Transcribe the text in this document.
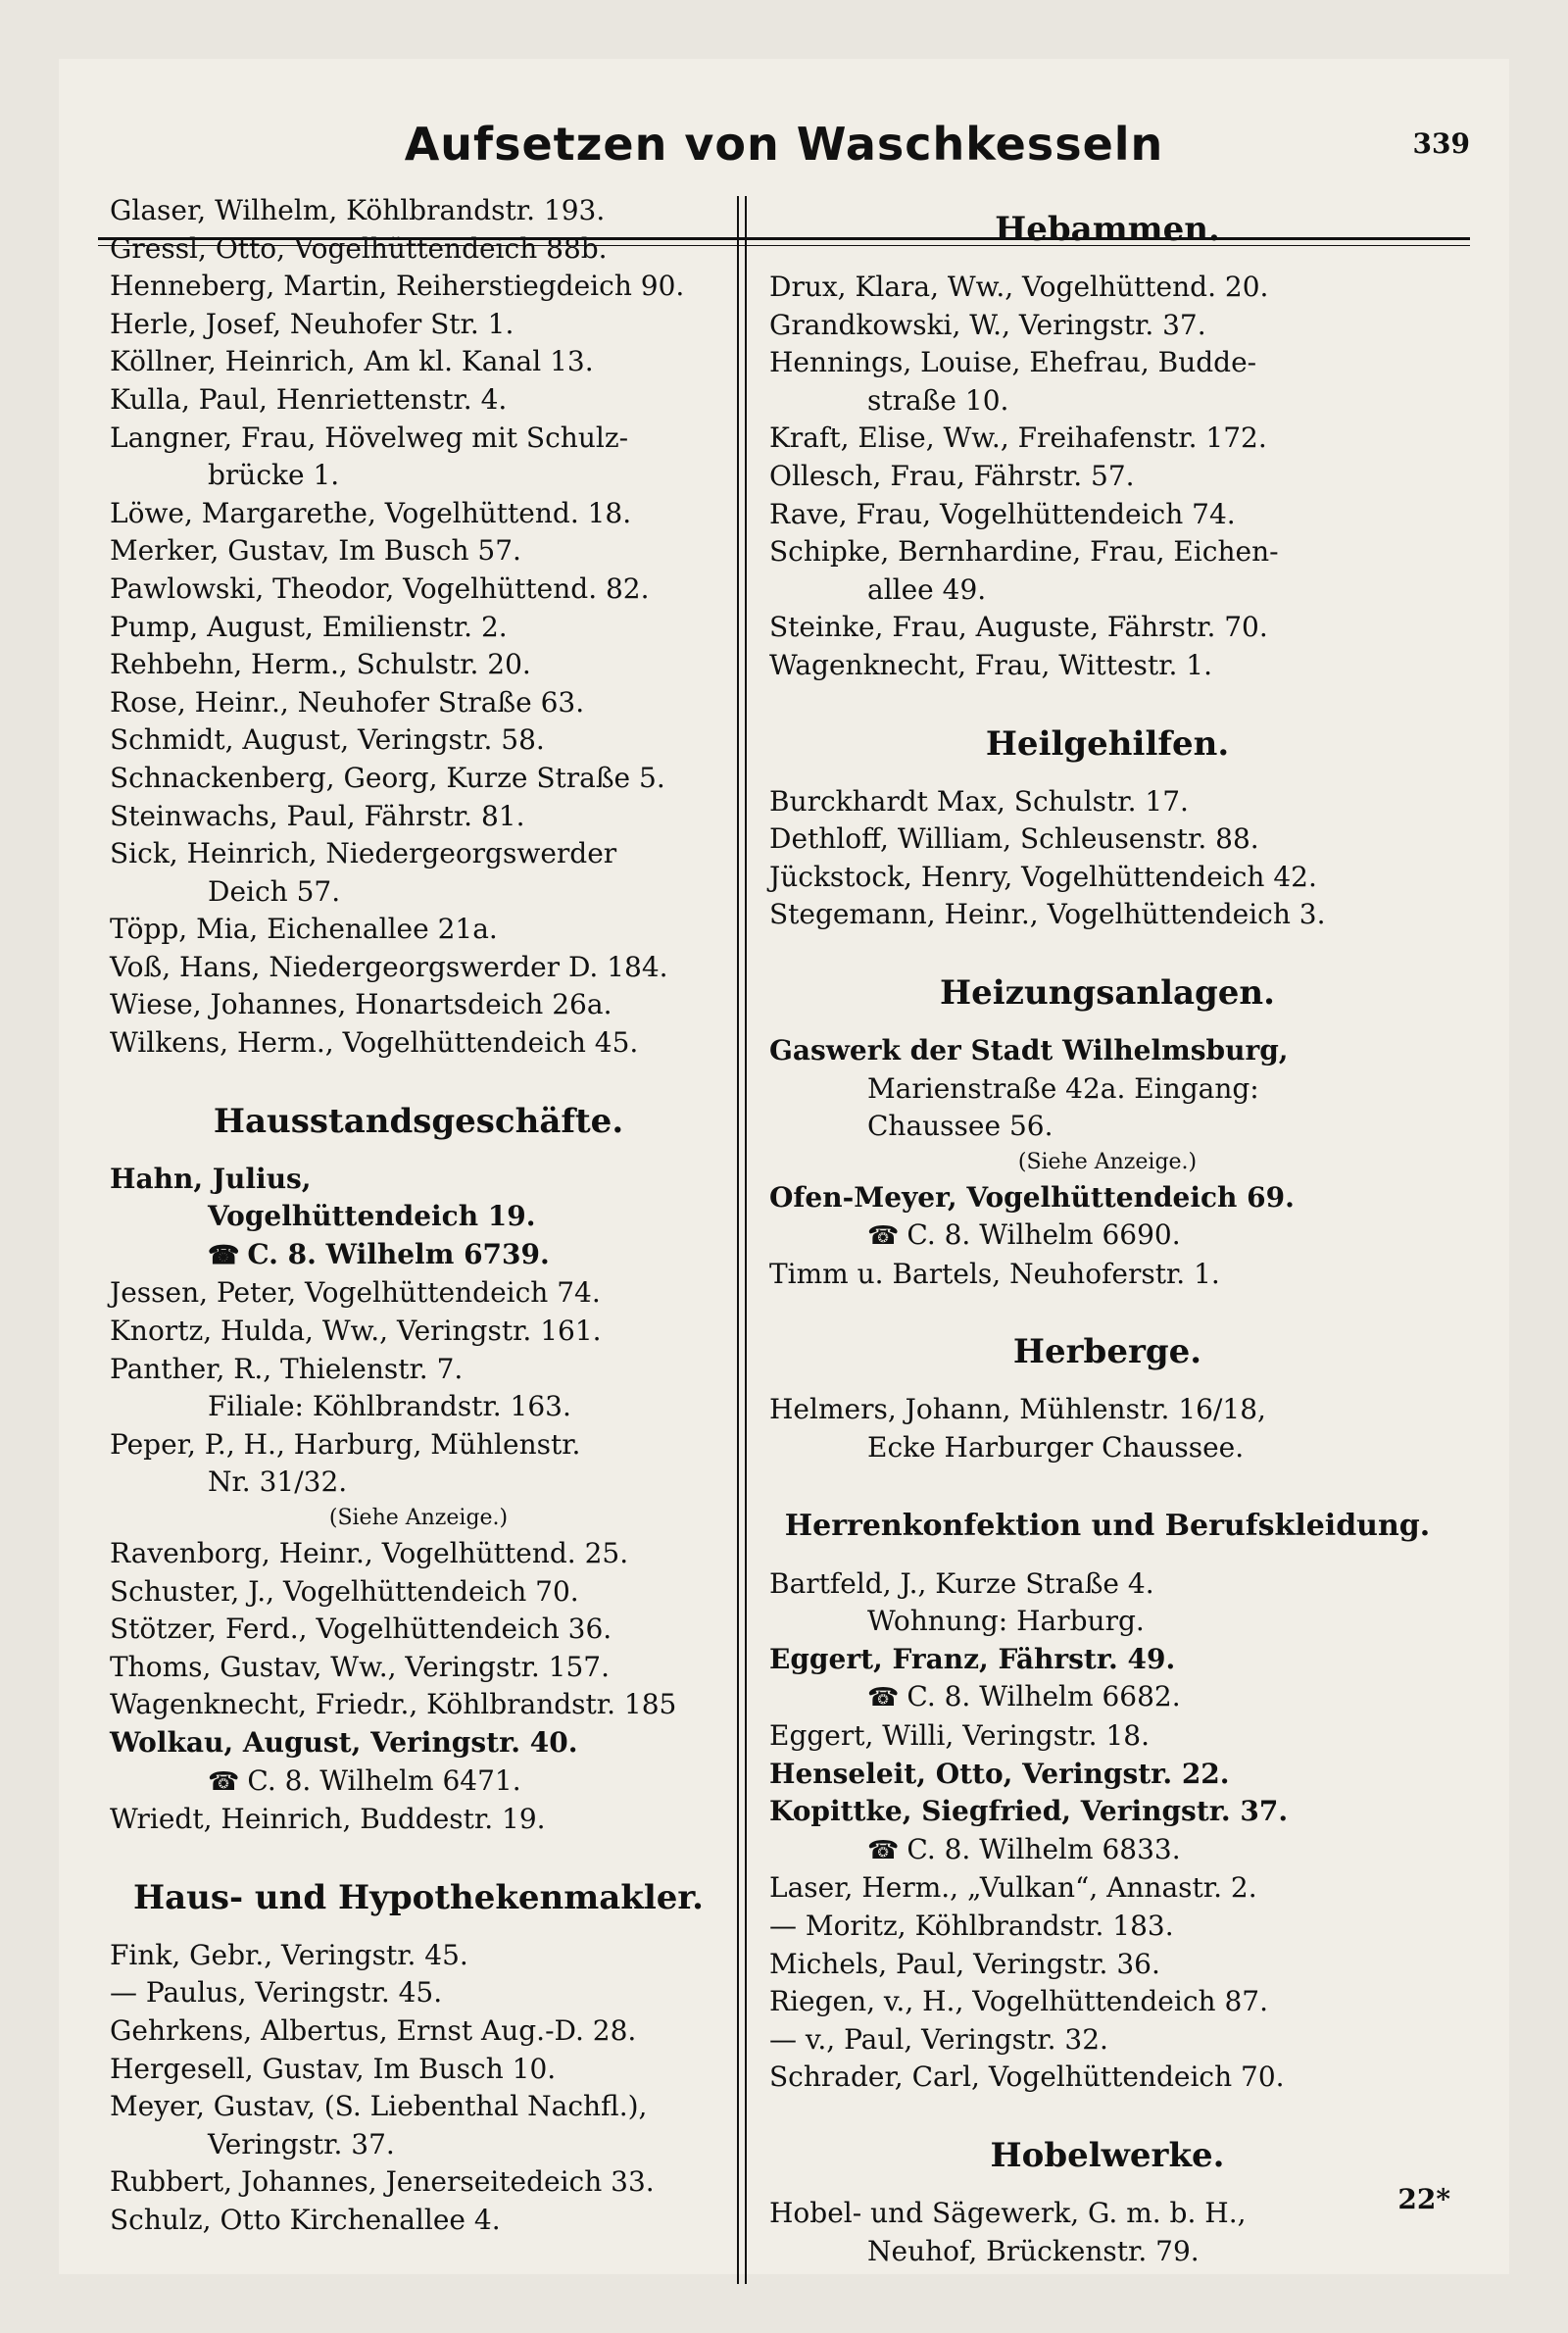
Aufsetzen von Waschkesseln	339
Glaser, Wilhelm, Köhlbrandstr. 193.
Gressl, Otto, Vogelhüttendeich 88b.
Henneberg, Martin, Reiherstiegdeich 90.
Herle, Josef, Neuhofer Str. 1.
Köllner, Heinrich, Am kl. Kanal 13.
Kulla, Paul, Henriettenstr. 4.
Langner, Frau, Hövelweg mit Schulz-
brücke 1.
Löwe, Margarethe, Vogelhüttend. 18.
Merker, Gustav, Im Busch 57.
Pawlowski, Theodor, Vogelhüttend. 82.
Pump, August, Emilienstr. 2.
Rehbehn, Herm., Schulstr. 20.
Rose, Heinr., Neuhofer Straße 63.
Schmidt, August, Veringstr. 58.
Schnackenberg, Georg, Kurze Straße 5.
Steinwachs, Paul, Fährstr. 81.
Sick, Heinrich, Niedergeorgswerder
Deich 57.
Töpp, Mia, Eichenallee 21a.
Voß, Hans, Niedergeorgswerder D. 184.
Wiese, Johannes, Honartsdeich 26a.
Wilkens, Herm., Vogelhüttendeich 45.
Hausstandsgeschäfte.
Hahn, Julius,
Vogelhüttendeich 19.
☎ C. 8. Wilhelm 6739.
Jessen, Peter, Vogelhüttendeich 74.
Knortz, Hulda, Ww., Veringstr. 161.
Panther, R., Thielenstr. 7.
Filiale: Köhlbrandstr. 163.
Peper, P., H., Harburg, Mühlenstr.
Nr. 31/32.
(Siehe Anzeige.)
Ravenborg, Heinr., Vogelhüttend. 25.
Schuster, J., Vogelhüttendeich 70.
Stötzer, Ferd., Vogelhüttendeich 36.
Thoms, Gustav, Ww., Veringstr. 157.
Wagenknecht, Friedr., Köhlbrandstr. 185
Wolkau, August, Veringstr. 40.
☎ C. 8. Wilhelm 6471.
Wriedt, Heinrich, Buddestr. 19.
Haus- und Hypothekenmakler.
Fink, Gebr., Veringstr. 45.
— Paulus, Veringstr. 45.
Gehrkens, Albertus, Ernst Aug.-D. 28.
Hergesell, Gustav, Im Busch 10.
Meyer, Gustav, (S. Liebenthal Nachfl.),
Veringstr. 37.
Rubbert, Johannes, Jenerseitedeich 33.
Schulz, Otto Kirchenallee 4.
Hebammen.
Drux, Klara, Ww., Vogelhüttend. 20.
Grandkowski, W., Veringstr. 37.
Hennings, Louise, Ehefrau, Budde-
straße 10.
Kraft, Elise, Ww., Freihafenstr. 172.
Ollesch, Frau, Fährstr. 57.
Rave, Frau, Vogelhüttendeich 74.
Schipke, Bernhardine, Frau, Eichen-
allee 49.
Steinke, Frau, Auguste, Fährstr. 70.
Wagenknecht, Frau, Wittestr. 1.
Heilgehilfen.
Burckhardt Max, Schulstr. 17.
Dethloff, William, Schleusenstr. 88.
Jückstock, Henry, Vogelhüttendeich 42.
Stegemann, Heinr., Vogelhüttendeich 3.
Heizungsanlagen.
Gaswerk der Stadt Wilhelmsburg,
Marienstraße 42a. Eingang:
Chaussee 56.
(Siehe Anzeige.)
Ofen-Meyer, Vogelhüttendeich 69.
☎ C. 8. Wilhelm 6690.
Timm u. Bartels, Neuhoferstr. 1.
Herberge.
Helmers, Johann, Mühlenstr. 16/18,
Ecke Harburger Chaussee.
Herrenkonfektion und Berufskleidung.
Bartfeld, J., Kurze Straße 4.
Wohnung: Harburg.
Eggert, Franz, Fährstr. 49.
☎ C. 8. Wilhelm 6682.
Eggert, Willi, Veringstr. 18.
Henseleit, Otto, Veringstr. 22.
Kopittke, Siegfried, Veringstr. 37.
☎ C. 8. Wilhelm 6833.
Laser, Herm., „Vulkan“, Annastr. 2.
— Moritz, Köhlbrandstr. 183.
Michels, Paul, Veringstr. 36.
Riegen, v., H., Vogelhüttendeich 87.
— v., Paul, Veringstr. 32.
Schrader, Carl, Vogelhüttendeich 70.
Hobelwerke.
Hobel- und Sägewerk, G. m. b. H.,
Neuhof, Brückenstr. 79.
22*
